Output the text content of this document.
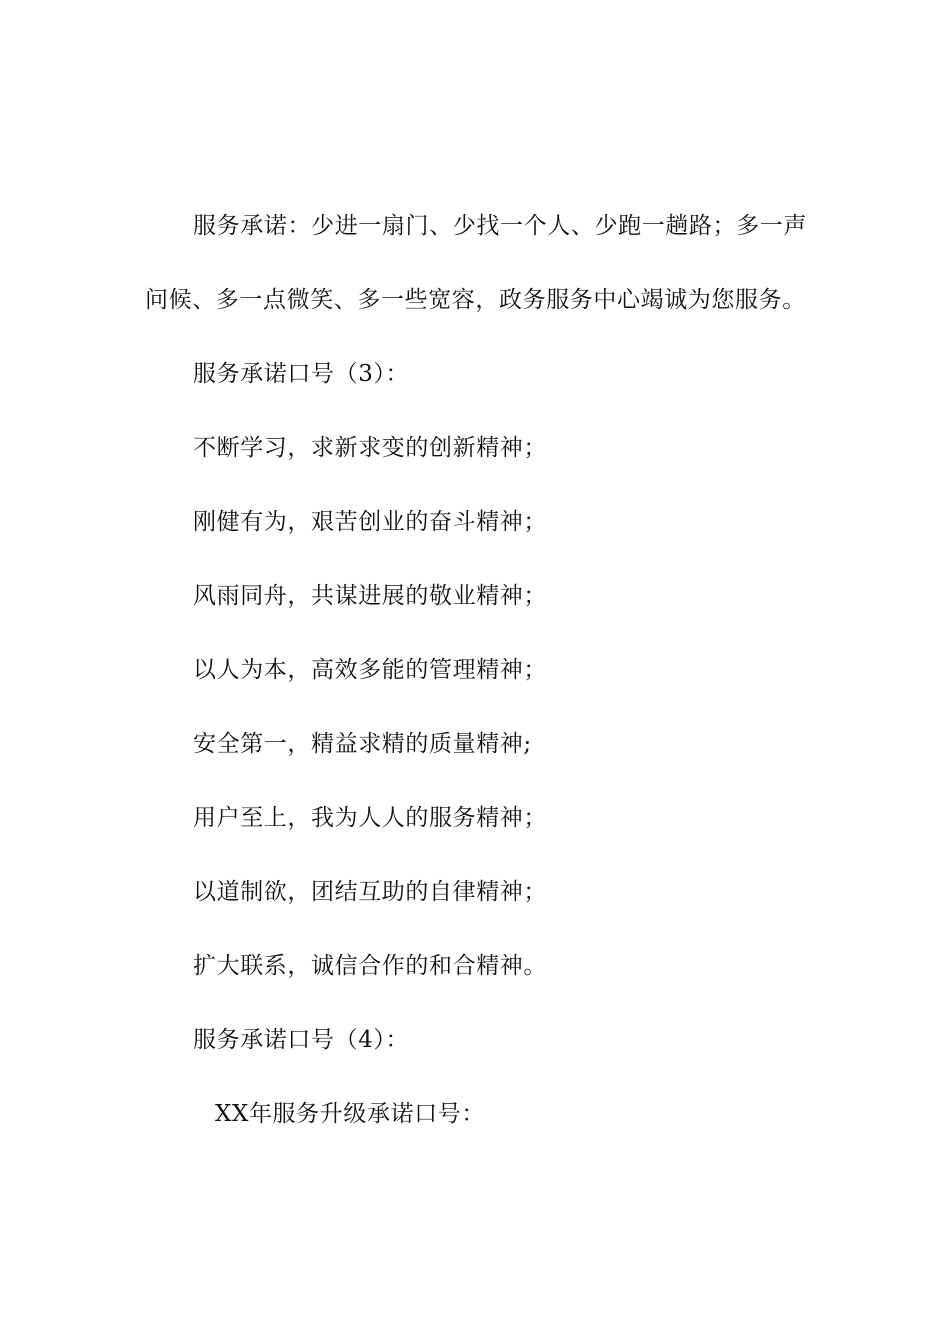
服务承诺：少进一扇门、少找一个人、少跑一趟路；多一声问候、多一点微笑、多一些宽容，政务服务中心竭诚为您服务。

服务承诺口号（3）：

不断学习，求新求变的创新精神；

刚健有为，艰苦创业的奋斗精神；

风雨同舟，共谋进展的敬业精神；

以人为本，高效多能的管理精神；

安全第一，精益求精的质量精神;

用户至上，我为人人的服务精神；

以道制欲，团结互助的自律精神；

扩大联系，诚信合作的和合精神。

服务承诺口号（4）：

XX年服务升级承诺口号：
